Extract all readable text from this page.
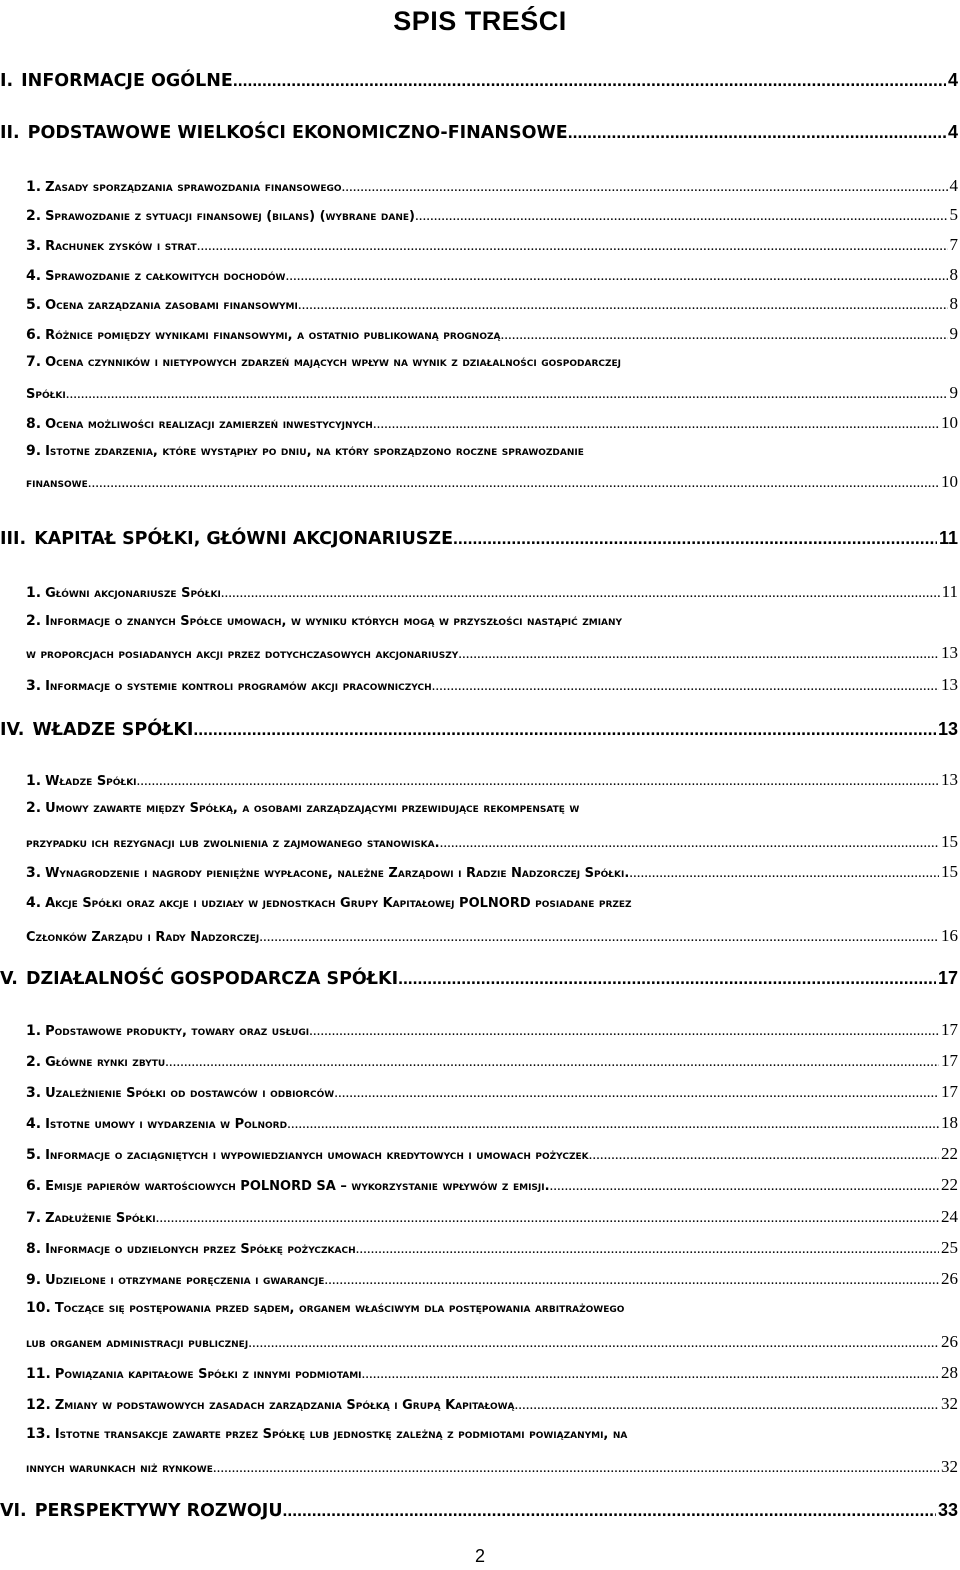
SPIS TREŚCI
I. INFORMACJE OGÓLNE .....	4
II. PODSTAWOWE WIELKOŚCI EKONOMICZNO-FINANSOWE .....	4
1. Zasady sporządzania sprawozdania finansowego .....	4
2. Sprawozdanie z sytuacji finansowej (bilans) (wybrane dane) .....	5
3. Rachunek zysków i strat .....	7
4. Sprawozdanie z całkowitych dochodów .....	8
5. Ocena zarządzania zasobami finansowymi .....	8
6. Różnice pomiędzy wynikami finansowymi, a ostatnio publikowaną prognozą .....	9
7. Ocena czynników i nietypowych zdarzeń mających wpływ na wynik z działalności gospodarczej
Spółki .....	9
8. Ocena możliwości realizacji zamierzeń inwestycyjnych .....	10
9. Istotne zdarzenia, które wystąpiły po dniu, na który sporządzono roczne sprawozdanie
finansowe .....	10
III. KAPITAŁ SPÓŁKI, GŁÓWNI AKCJONARIUSZE .....	11
1. Główni akcjonariusze Spółki .....	11
2. Informacje o znanych Spółce umowach, w wyniku których mogą w przyszłości nastąpić zmiany
w proporcjach posiadanych akcji przez dotychczasowych akcjonariuszy .....	13
3. Informacje o systemie kontroli programów akcji pracowniczych .....	13
IV. WŁADZE SPÓŁKI .....	13
1. Władze Spółki .....	13
2. Umowy zawarte między Spółką, a osobami zarządzającymi przewidujące rekompensatę w
przypadku ich rezygnacji lub zwolnienia z zajmowanego stanowiska. .....	15
3. Wynagrodzenie i nagrody pieniężne wypłacone, należne Zarządowi i Radzie Nadzorczej Spółki. .....	15
4. Akcje Spółki oraz akcje i udziały w jednostkach Grupy Kapitałowej POLNORD posiadane przez
Członków Zarządu i Rady Nadzorczej .....	16
V. DZIAŁALNOŚĆ GOSPODARCZA SPÓŁKI .....	17
1. Podstawowe produkty, towary oraz usługi .....	17
2. Główne rynki zbytu .....	17
3. Uzależnienie Spółki od dostawców i odbiorców .....	17
4. Istotne umowy i wydarzenia w Polnord .....	18
5. Informacje o zaciągniętych i wypowiedzianych umowach kredytowych i umowach pożyczek .....	22
6. Emisje papierów wartościowych POLNORD SA – wykorzystanie wpływów z emisji. .....	22
7. Zadłużenie Spółki .....	24
8. Informacje o udzielonych przez Spółkę pożyczkach .....	25
9. Udzielone i otrzymane poręczenia i gwarancje .....	26
10. Toczące się postępowania przed sądem, organem właściwym dla postępowania arbitrażowego
lub organem administracji publicznej .....	26
11. Powiązania kapitałowe Spółki z innymi podmiotami .....	28
12. Zmiany w podstawowych zasadach zarządzania Spółką i Grupą Kapitałową .....	32
13. Istotne transakcje zawarte przez Spółkę lub jednostkę zależną z podmiotami powiązanymi, na
innych warunkach niż rynkowe .....	32
VI. PERSPEKTYWY ROZWOJU .....	33
2
